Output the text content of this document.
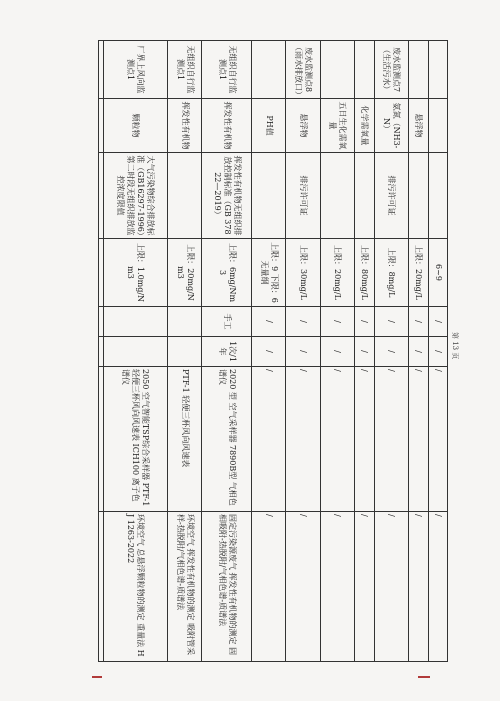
第 13 页
			6~9	/	/	/	/
	悬浮物		上限：20mg/L	/	/	/	/
废水监测点7（生活污水）	氨氮（NH3-N）	排污许可证	上限：8mg/L	/	/	/	/
	化学需氧量		上限：80mg/L	/	/	/	/
	五日生化需氧量		上限：20mg/L	/	/	/	/
废水监测点8（雨水排放口）	悬浮物	排污许可证	上限：30mg/L	/	/	/	/
	PH值		上限：9 下限：6 无量纲	/	/	/	/
无组织自行监测点1	挥发性有机物	挥发性有机物无组织排放控制标准（GB 37822—2019）	上限：6mg/Nm3	手工	1次/1年	2020 型 空气采样器 7890B型 气相色谱仪	固定污染源废气 挥发性有机物的测定 固相吸附-热脱附/气相色谱-质谱法
无组织自行监测点1	挥发性有机物		上限：20mg/Nm3			PTF-1 轻便三杯风向风速表	环境空气 挥发性有机物的测定 吸附管采样-热脱附/气相色谱-质谱法
厂界上风向监测点1	颗粒物	大气污染物综合排放标准（GB16297-1996）第二时段无组织排放监控浓度限值	上限：1.0mg/Nm3			2050 空气智能TSP综合采样器 PTF-1 轻便三杯风向风速表 ICH100 离子色谱仪	环境空气 总悬浮颗粒物的测定 重量法 HJ 1263-2022
